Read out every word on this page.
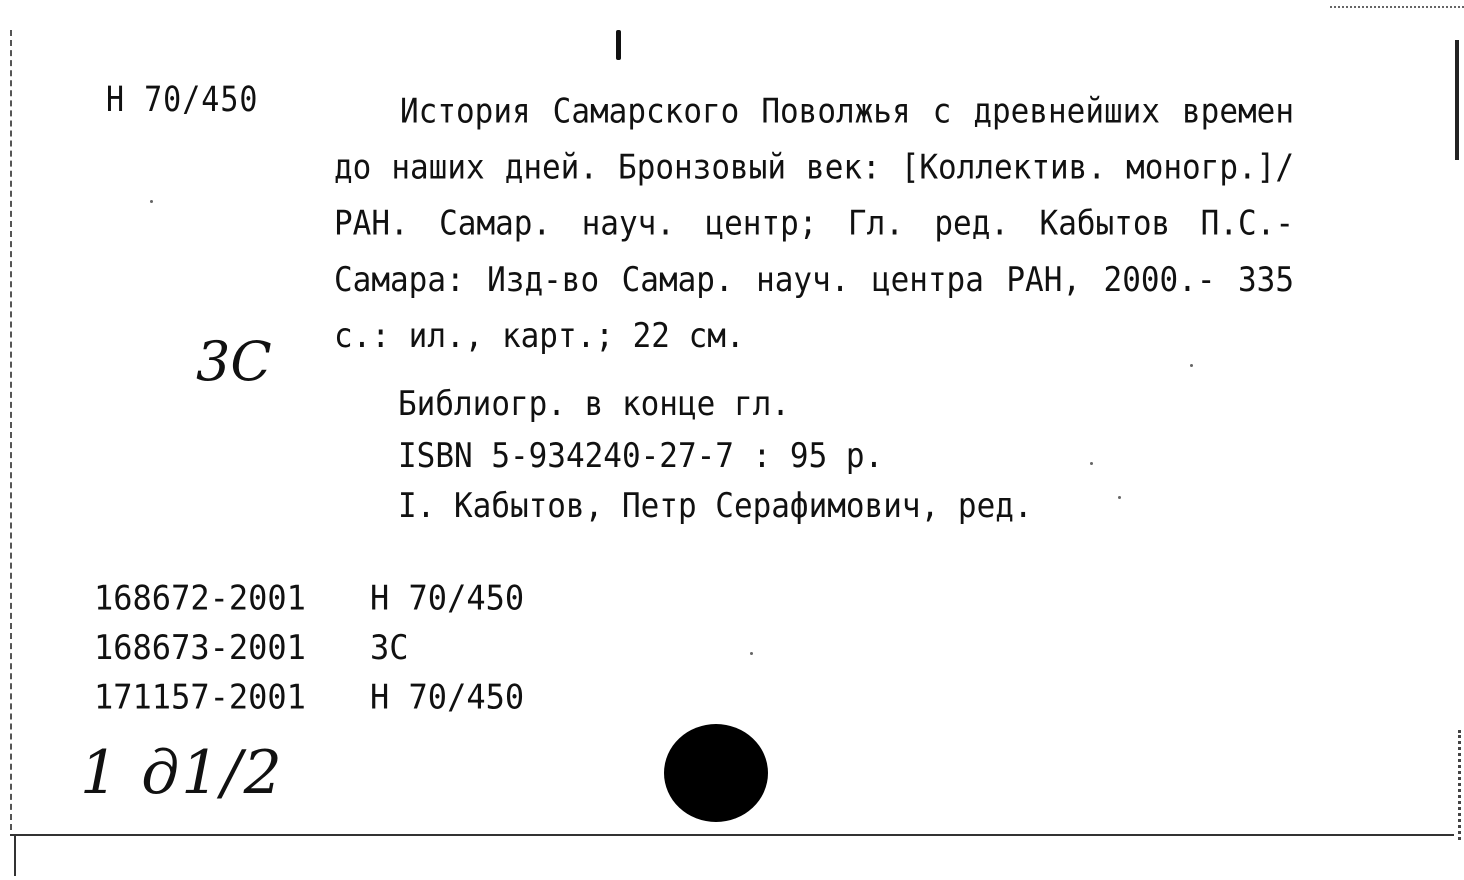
Н 70/450	История Самарского Поволжья с древнейших времен до наших дней. Бронзовый век: [Коллектив. моногр.]/ РАН. Самар. науч. центр; Гл. ред. Кабытов П.С.- Самара: Изд-во Самар. науч. центра РАН, 2000.- 335 с.: ил., карт.; 22 см.
3С
Библиогр. в конце гл.
ISBN 5-934240-27-7 : 95 р.
I. Кабытов, Петр Серафимович, ред.
168672-2001	Н 70/450
168673-2001	ЗС
171157-2001	Н 70/450
1 д1/2
